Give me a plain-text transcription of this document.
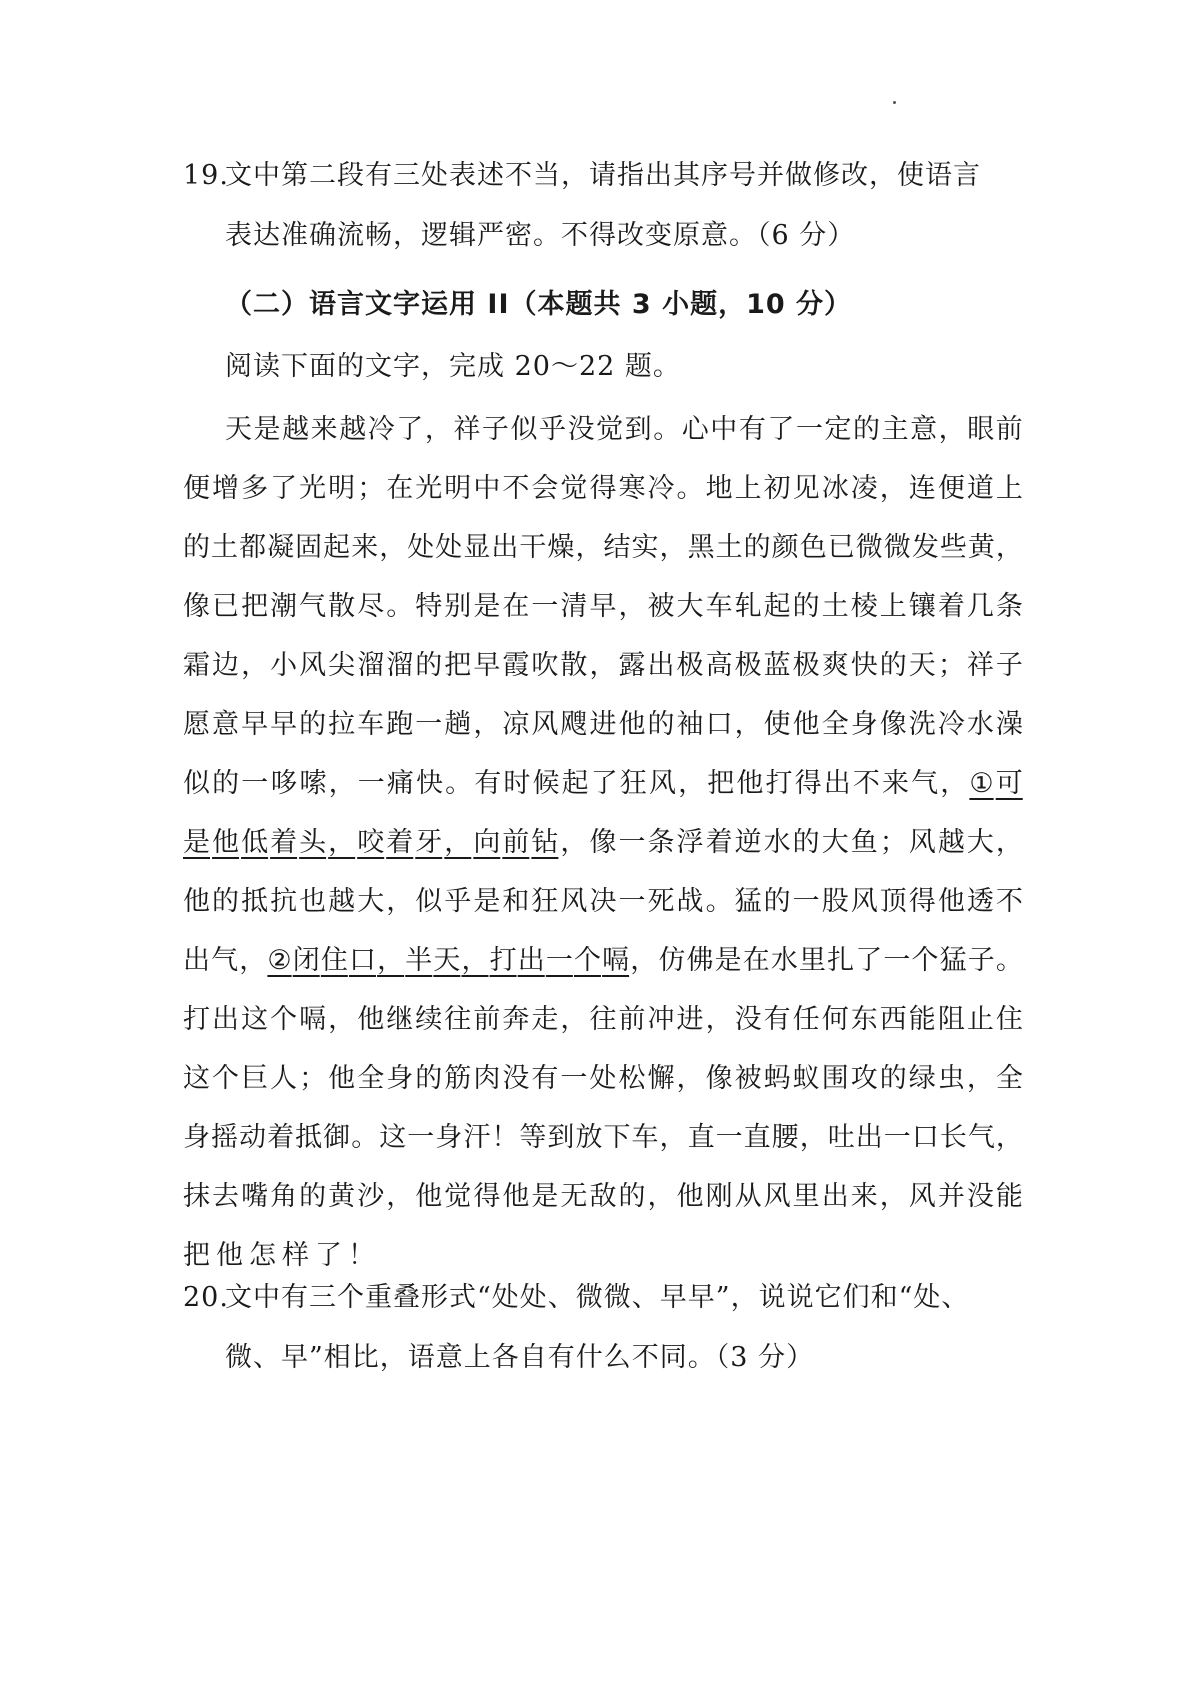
19.文中第二段有三处表述不当，请指出其序号并做修改，使语言
表达准确流畅，逻辑严密。不得改变原意。（6 分）
（二）语言文字运用 II（本题共 3 小题，10 分）
阅读下面的文字，完成 20～22 题。
天 是 越 来 越 冷 了 ， 祥 子 似 乎 没 觉 到 。 心 中 有 了 一 定 的 主 意 ， 眼 前
便 增 多 了 光 明 ； 在 光 明 中 不 会 觉 得 寒 冷 。 地 上 初 见 冰 凌 ， 连 便 道 上
的 土 都 凝 固 起 来 ， 处 处 显 出 干 燥 ， 结 实 ， 黑 土 的 颜 色 已 微 微 发 些 黄 ，
像 已 把 潮 气 散 尽 。 特 别 是 在 一 清 早 ， 被 大 车 轧 起 的 土 棱 上 镶 着 几 条
霜 边 ， 小 风 尖 溜 溜 的 把 早 霞 吹 散 ， 露 出 极 高 极 蓝 极 爽 快 的 天 ； 祥 子
愿 意 早 早 的 拉 车 跑 一 趟 ， 凉 风 飕 进 他 的 袖 口 ， 使 他 全 身 像 洗 冷 水 澡
似 的 一 哆 嗦 ， 一 痛 快 。 有 时 候 起 了 狂 风 ， 把 他 打 得 出 不 来 气 ， ① 可
是 他 低 着 头 ， 咬 着 牙 ， 向 前 钻 ， 像 一 条 浮 着 逆 水 的 大 鱼 ； 风 越 大 ，
他 的 抵 抗 也 越 大 ， 似 乎 是 和 狂 风 决 一 死 战 。 猛 的 一 股 风 顶 得 他 透 不
出 气 ， ② 闭 住 口 ， 半 天 ， 打 出 一 个 嗝 ， 仿 佛 是 在 水 里 扎 了 一 个 猛 子 。
打 出 这 个 嗝 ， 他 继 续 往 前 奔 走 ， 往 前 冲 进 ， 没 有 任 何 东 西 能 阻 止 住
这 个 巨 人 ； 他 全 身 的 筋 肉 没 有 一 处 松 懈 ， 像 被 蚂 蚁 围 攻 的 绿 虫 ， 全
身 摇 动 着 抵 御 。 这 一 身 汗 ！ 等 到 放 下 车 ， 直 一 直 腰 ， 吐 出 一 口 长 气 ，
抹 去 嘴 角 的 黄 沙 ， 他 觉 得 他 是 无 敌 的 ， 他 刚 从 风 里 出 来 ， 风 并 没 能
把 他 怎 样 了 ！
20.文中有三个重叠形式“处处、微微、早早”，说说它们和“处、
微、早”相比，语意上各自有什么不同。（3 分）
